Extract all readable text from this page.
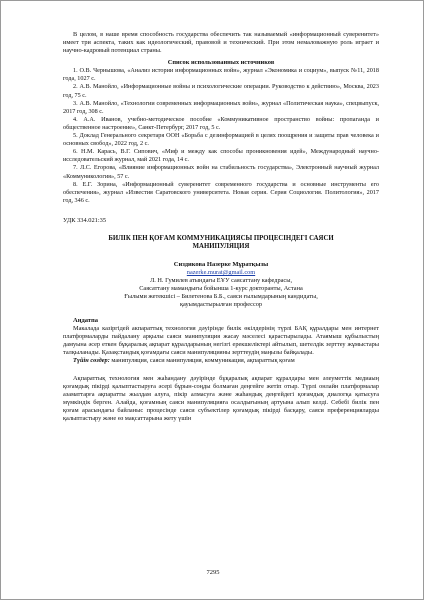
В целом, в наше время способность государства обеспечить так называемый «информационный суверенитет» имеет три аспекта, таких как идеологический, правовой и технический. При этом немаловажную роль играет и научно-кадровый потенциал страны.

Список использованных источников

1. О.В. Чернышова, «Анализ истории информационных войн», журнал «Экономика и социум», выпуск №11, 2018 года, 1027 с.
2. А.В. Манойло, «Информационные войны и психологические операции. Руководство к действию», Москва, 2023 год, 75 с.
3. А.В. Манойло, «Технологии современных информационных войн», журнал «Политическая наука», спецвыпуск, 2017 год, 308 с.
4. А.А. Иванов, учебно-методическое пособие «Коммуникативное пространство войны: пропаганда и общественное настроение», Санкт-Петербург, 2017 год, 5 с.
5. Доклад Генерального секретаря ООН «Борьба с дезинформацией в целях поощрения и защиты прав человека и основных свобод», 2022 год, 2 с.
6. Н.М. Карась, В.Г. Сипович, «Миф и между как способы проникновения идей», Международный научно-исследовательский журнал, май 2021 года, 14 с.
7. Л.С. Егорова, «Влияние информационных войн на стабильность государства», Электронный научный журнал «Коммуникология», 57 с.
8. Е.Г. Зорина, «Информационный суверенитет современного государства и основные инструменты его обеспечения», журнал «Известия Саратовского университета. Новая серия. Серия Социология. Политология», 2017 год, 346 с.

УДК 334.021:35

БИЛІК ПЕН ҚОҒАМ КОММУНИКАЦИЯСЫ ПРОЦЕСІНДЕГІ САЯСИ МАНИПУЛЯЦИЯ

Сиздикова Назерке Мұратқызы

nazerke.murat@gmail.com

Л. Н. Гумилев атындағы ЕҰУ саясаттану кафедрасы,

Саясаттану мамандығы бойынша 1-курс докторанты, Астана

Ғылыми жетекшісі – Билетенова Б.Б., саяси ғылымдарының кандидаты,

қауымдастырылған профессор

Аңдатпа

Макалада казіргідей акпараттық технология дәуірінде билік өкілдерінің түрлі БАҚ құралдары мен интернет платформаларды пайдалану арқылы саяси манипуляция жасау мәселесі қарастырылады. Атаямыш құбылыстың дамуына әсер еткен бұқаралық ақпарат құралдарының негізгі ерекшеліктері айтылып, шетелдік зерттеу жұмыстары талқыланады. Қазақстандық қоғамдағы саяси манипуляцияны зерттеудің маңызы байқалады.

Түйін сөздер: манипуляция, саяси манипуляция, коммуникация, ақпараттық қоғам

Ақпараттық технология мен жаһандану дәуірінде бұқаралық ақпарат құралдары мен әлеуметтік медиаың қоғамдық пікірді қалыптастыруға әсері бұрын-соңды болмаған деңгейге жетіп отыр. Түрлі онлайн платформалар азаматтарға ақпаратты жылдам алуға, пікір алмасуға және жаһандық деңгейдегі қоғамдық диалогқа қатысуға мүмкіндік берген. Алайда, қоғамның саяси манипуляцияға осалдығының артуына алып келді. Себебі билік пен қоғам арасындағы байланыс процесінде саяси субъектілер қоғамдық пікірді басқару, саяси преференцияларды қалыптастыру және өз мақсаттарына жету үшін

7295
